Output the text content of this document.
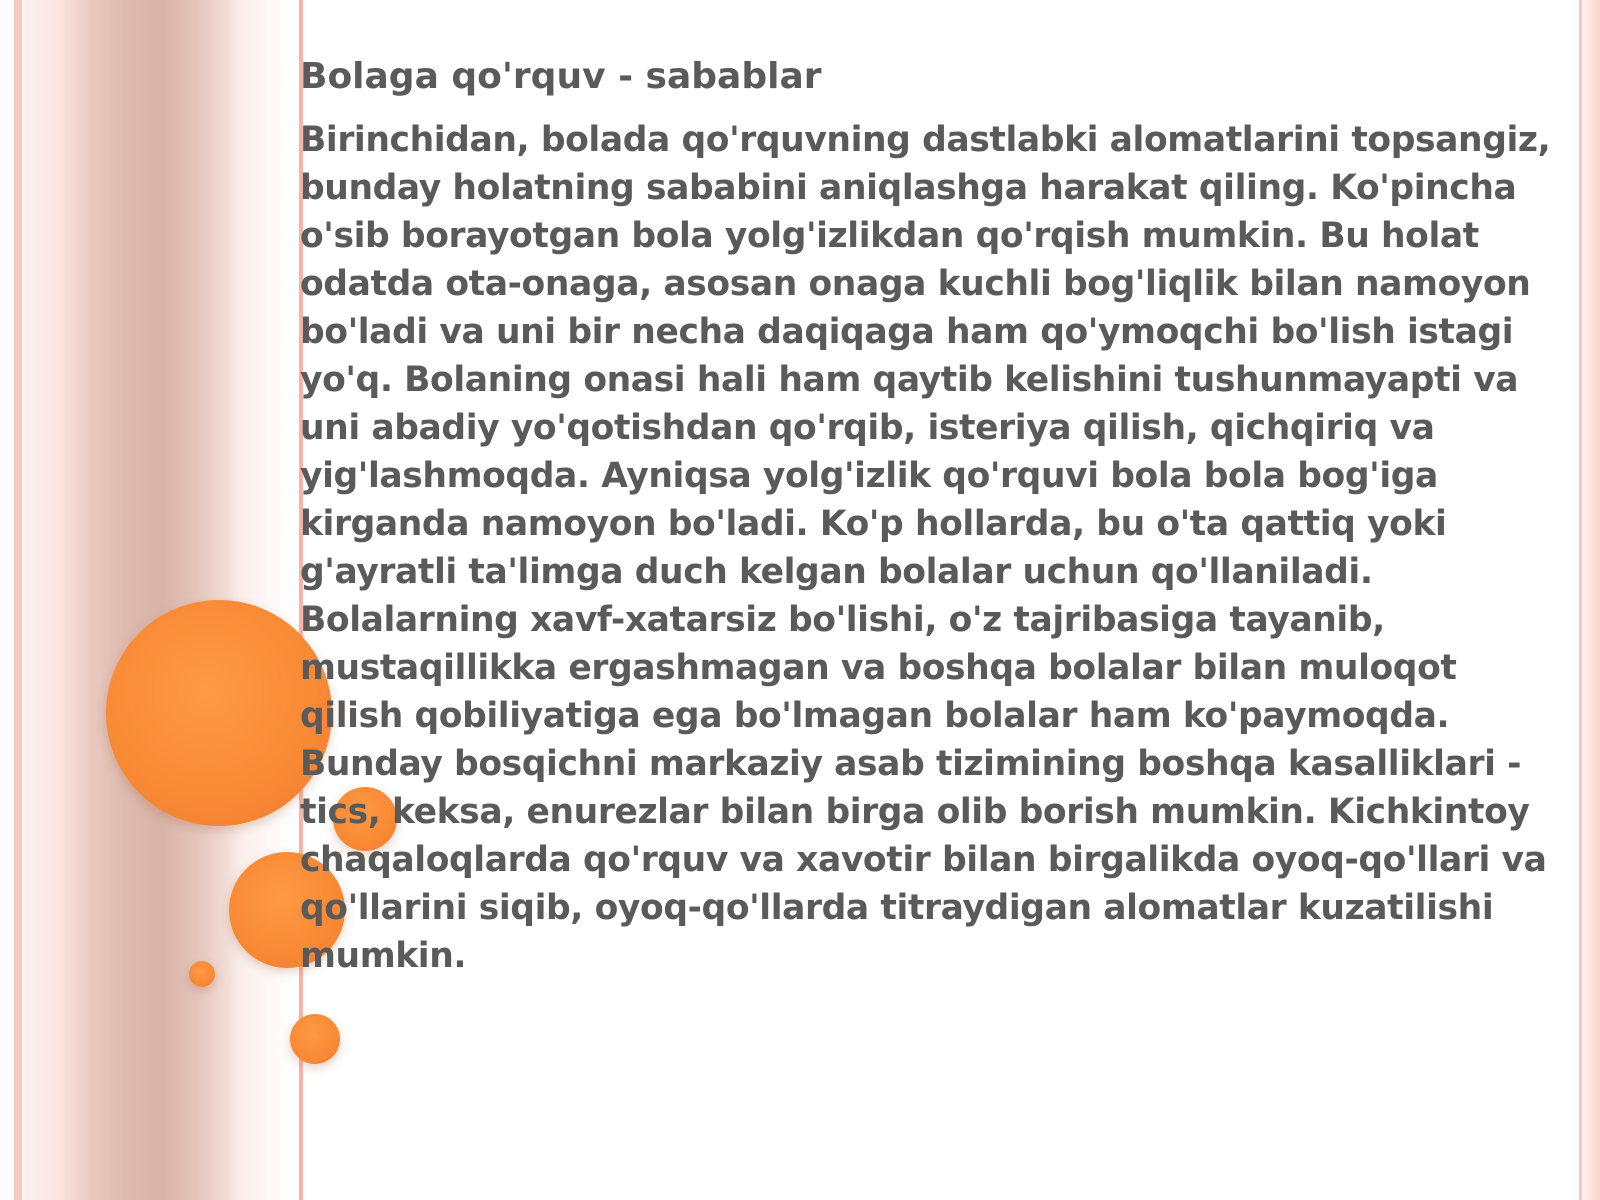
Bolaga qo'rquv - sabablar

Birinchidan, bolada qo'rquvning dastlabki alomatlarini topsangiz, bunday holatning sababini aniqlashga harakat qiling. Ko'pincha o'sib borayotgan bola yolg'izlikdan qo'rqish mumkin. Bu holat odatda ota-onaga, asosan onaga kuchli bog'liqlik bilan namoyon bo'ladi va uni bir necha daqiqaga ham qo'ymoqchi bo'lish istagi yo'q. Bolaning onasi hali ham qaytib kelishini tushunmayapti va uni abadiy yo'qotishdan qo'rqib, isteriya qilish, qichqiriq va yig'lashmoqda. Ayniqsa yolg'izlik qo'rquvi bola bola bog'iga kirganda namoyon bo'ladi. Ko'p hollarda, bu o'ta qattiq yoki g'ayratli ta'limga duch kelgan bolalar uchun qo'llaniladi. Bolalarning xavf-xatarsiz bo'lishi, o'z tajribasiga tayanib, mustaqillikka ergashmagan va boshqa bolalar bilan muloqot qilish qobiliyatiga ega bo'lmagan bolalar ham ko'paymoqda. Bunday bosqichni markaziy asab tizimining boshqa kasalliklari - tics, keksa, enurezlar bilan birga olib borish mumkin. Kichkintoy chaqaloqlarda qo'rquv va xavotir bilan birgalikda oyoq-qo'llari va qo'llarini siqib, oyoq-qo'llarda titraydigan alomatlar kuzatilishi mumkin.
